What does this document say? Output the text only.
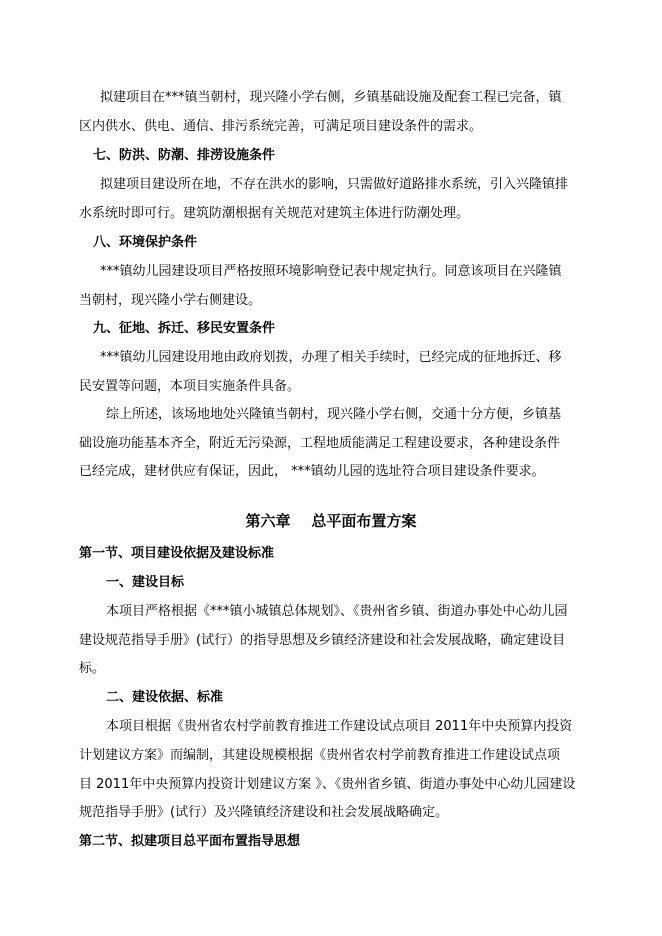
拟建项目在***镇当朝村，现兴隆小学右侧，乡镇基础设施及配套工程已完备，镇
区内供水、供电、通信、排污系统完善，可满足项目建设条件的需求。
七、防洪、防潮、排涝设施条件
拟建项目建设所在地，不存在洪水的影响，只需做好道路排水系统，引入兴隆镇排
水系统时即可行。建筑防潮根据有关规范对建筑主体进行防潮处理。
八、环境保护条件
***镇幼儿园建设项目严格按照环境影响登记表中规定执行。同意该项目在兴隆镇
当朝村，现兴隆小学右侧建设。
九、征地、拆迁、移民安置条件
***镇幼儿园建设用地由政府划拨，办理了相关手续时，已经完成的征地拆迁、移
民安置等问题，本项目实施条件具备。
综上所述，该场地地处兴隆镇当朝村，现兴隆小学右侧，交通十分方便，乡镇基
础设施功能基本齐全，附近无污染源，工程地质能满足工程建设要求，各种建设条件
已经完成，建材供应有保证，因此， ***镇幼儿园的选址符合项目建设条件要求。
第六章    总平面布置方案
第一节、项目建设依据及建设标准
一、建设目标
本项目严格根据《***镇小城镇总体规划》、《贵州省乡镇、街道办事处中心幼儿园
建设规范指导手册》(试行）的指导思想及乡镇经济建设和社会发展战略，确定建设目
标。
二、建设依据、标准
本项目根据《贵州省农村学前教育推进工作建设试点项目 2011年中央预算内投资
计划建议方案》而编制，其建设规模根据《贵州省农村学前教育推进工作建设试点项
目 2011年中央预算内投资计划建议方案 》、《贵州省乡镇、街道办事处中心幼儿园建设
规范指导手册》(试行）及兴隆镇经济建设和社会发展战略确定。
第二节、拟建项目总平面布置指导思想
